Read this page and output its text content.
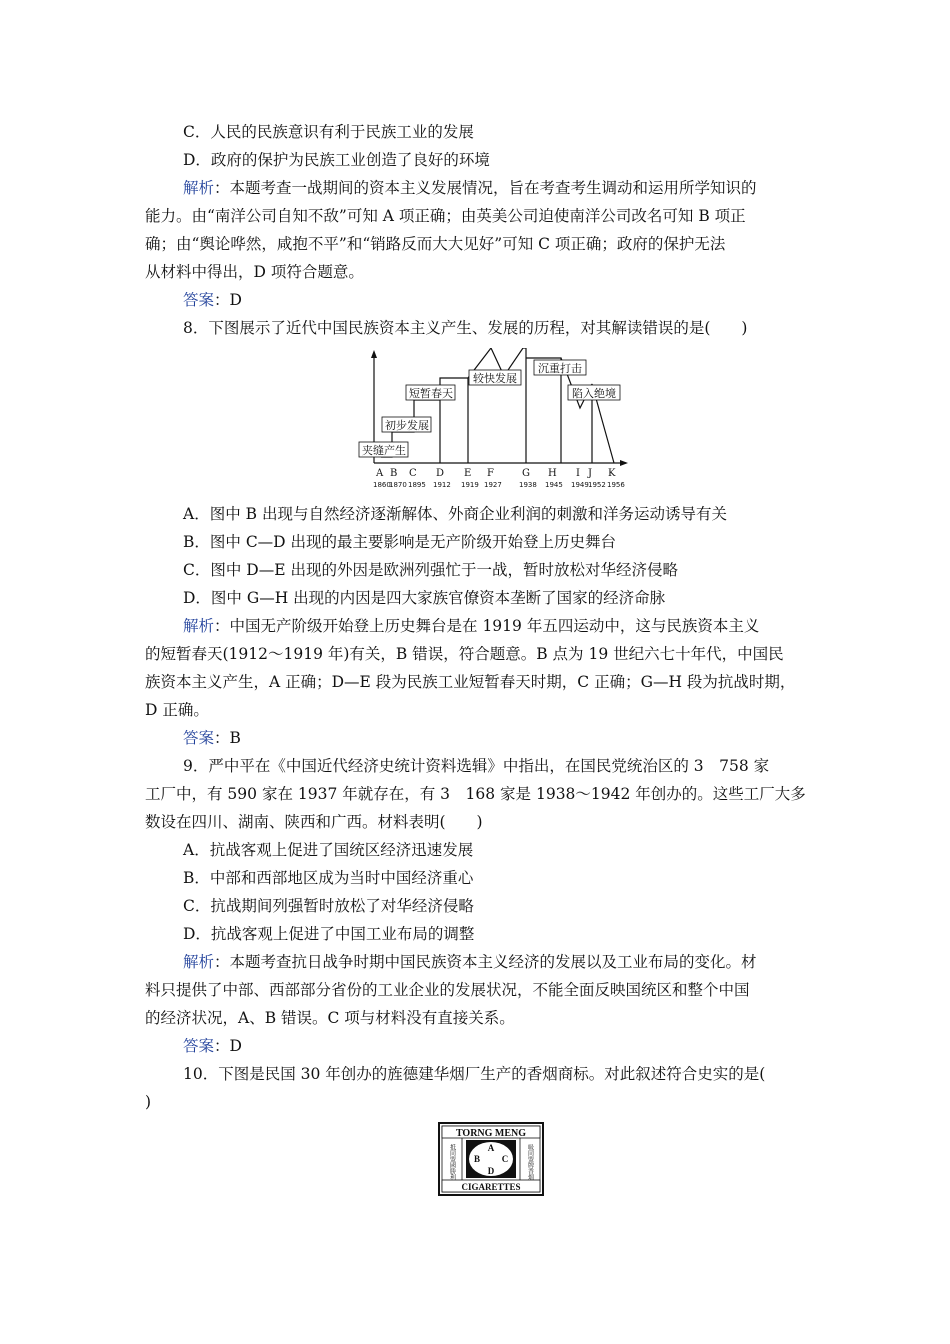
C．人民的民族意识有利于民族工业的发展
D．政府的保护为民族工业创造了良好的环境
解析：本题考查一战期间的资本主义发展情况，旨在考查考生调动和运用所学知识的
能力。由“南洋公司自知不敌”可知 A 项正确；由英美公司迫使南洋公司改名可知 B 项正
确；由“舆论哗然，咸抱不平”和“销路反而大大见好”可知 C 项正确；政府的保护无法
从材料中得出，D 项符合题意。
答案：D
8．下图展示了近代中国民族资本主义产生、发展的历程，对其解读错误的是(　　)
夹缝产生
初步发展
短暂春天
较快发展
沉重打击
陷入绝境
A B C D E F	G H I J K
1860
1870 1895 1912 1919 1927 1938 1945 1949 1952 1956
A．图中 B 出现与自然经济逐渐解体、外商企业利润的刺激和洋务运动诱导有关
B．图中 C—D 出现的最主要影响是无产阶级开始登上历史舞台
C．图中 D—E 出现的外因是欧洲列强忙于一战，暂时放松对华经济侵略
D．图中 G—H 出现的内因是四大家族官僚资本垄断了国家的经济命脉
解析：中国无产阶级开始登上历史舞台是在 1919 年五四运动中，这与民族资本主义
的短暂春天(1912～1919 年)有关，B 错误，符合题意。B 点为 19 世纪六七十年代，中国民
族资本主义产生，A 正确；D—E 段为民族工业短暂春天时期，C 正确；G—H 段为抗战时期，
D 正确。
答案：B
9．严中平在《中国近代经济史统计资料选辑》中指出，在国民党统治区的 3　758 家
工厂中，有 590 家在 1937 年就存在，有 3　168 家是 1938～1942 年创办的。这些工厂大多
数设在四川、湖南、陕西和广西。材料表明(　　)
A．抗战客观上促进了国统区经济迅速发展
B．中部和西部地区成为当时中国经济重心
C．抗战期间列强暂时放松了对华经济侵略
D．抗战客观上促进了中国工业布局的调整
解析：本题考查抗日战争时期中国民族资本主义经济的发展以及工业布局的变化。材
料只提供了中部、西部部分省份的工业企业的发展状况，不能全面反映国统区和整个中国
的经济状况，A、B 错误。C 项与材料没有直接关系。
答案：D
10．下图是民国 30 年创办的旌德建华烟厂生产的香烟商标。对此叙述符合史实的是(
)
TORNG MENG
CIGARETTES
抵同盟國勝利	吸同盟牌香烟
A
B C
D
